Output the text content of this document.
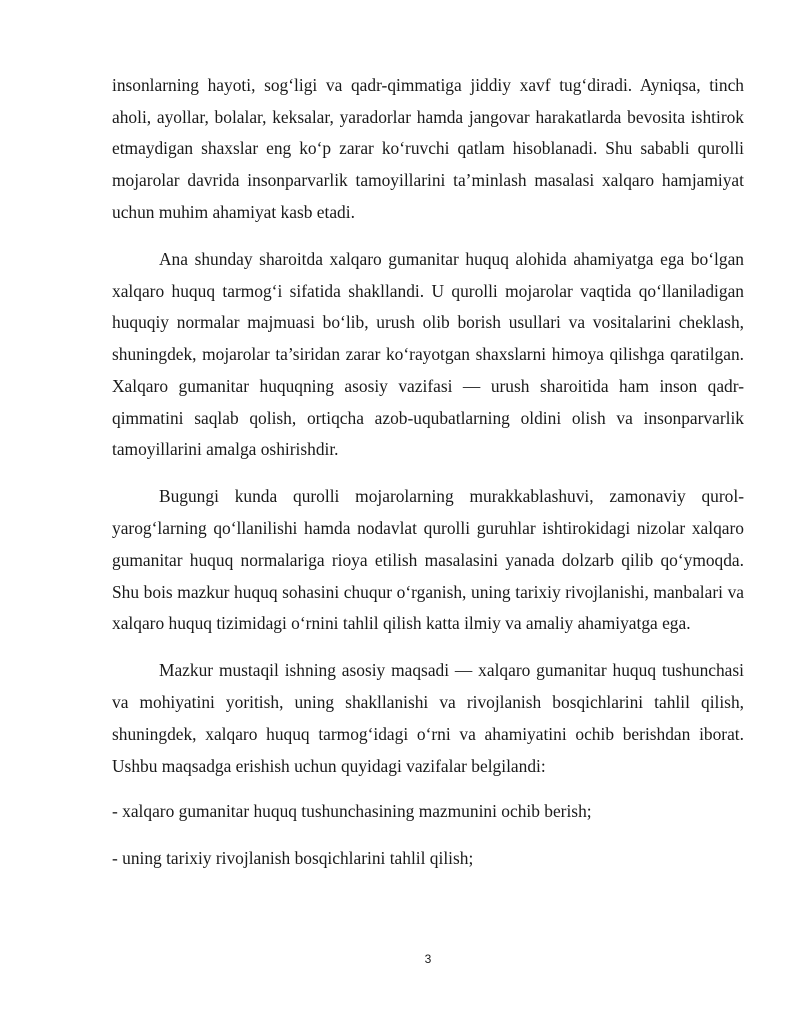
insonlarning hayoti, sog‘ligi va qadr-qimmatiga jiddiy xavf tug‘diradi. Ayniqsa, tinch aholi, ayollar, bolalar, keksalar, yaradorlar hamda jangovar harakatlarda bevosita ishtirok etmaydigan shaxslar eng ko‘p zarar ko‘ruvchi qatlam hisoblanadi. Shu sababli qurolli mojarolar davrida insonparvarlik tamoyillarini ta’minlash masalasi xalqaro hamjamiyat uchun muhim ahamiyat kasb etadi.

Ana shunday sharoitda xalqaro gumanitar huquq alohida ahamiyatga ega bo‘lgan xalqaro huquq tarmog‘i sifatida shakllandi. U qurolli mojarolar vaqtida qo‘llaniladigan huquqiy normalar majmuasi bo‘lib, urush olib borish usullari va vositalarini cheklash, shuningdek, mojarolar ta’siridan zarar ko‘rayotgan shaxslarni himoya qilishga qaratilgan. Xalqaro gumanitar huquqning asosiy vazifasi — urush sharoitida ham inson qadr-qimmatini saqlab qolish, ortiqcha azob-uqubatlarning oldini olish va insonparvarlik tamoyillarini amalga oshirishdir.

Bugungi kunda qurolli mojarolarning murakkablashuvi, zamonaviy qurol-yarog‘larning qo‘llanilishi hamda nodavlat qurolli guruhlar ishtirokidagi nizolar xalqaro gumanitar huquq normalariga rioya etilish masalasini yanada dolzarb qilib qo‘ymoqda. Shu bois mazkur huquq sohasini chuqur o‘rganish, uning tarixiy rivojlanishi, manbalari va xalqaro huquq tizimidagi o‘rnini tahlil qilish katta ilmiy va amaliy ahamiyatga ega.

Mazkur mustaqil ishning asosiy maqsadi — xalqaro gumanitar huquq tushunchasi va mohiyatini yoritish, uning shakllanishi va rivojlanish bosqichlarini tahlil qilish, shuningdek, xalqaro huquq tarmog‘idagi o‘rni va ahamiyatini ochib berishdan iborat. Ushbu maqsadga erishish uchun quyidagi vazifalar belgilandi:

- xalqaro gumanitar huquq tushunchasining mazmunini ochib berish;

- uning tarixiy rivojlanish bosqichlarini tahlil qilish;

3
